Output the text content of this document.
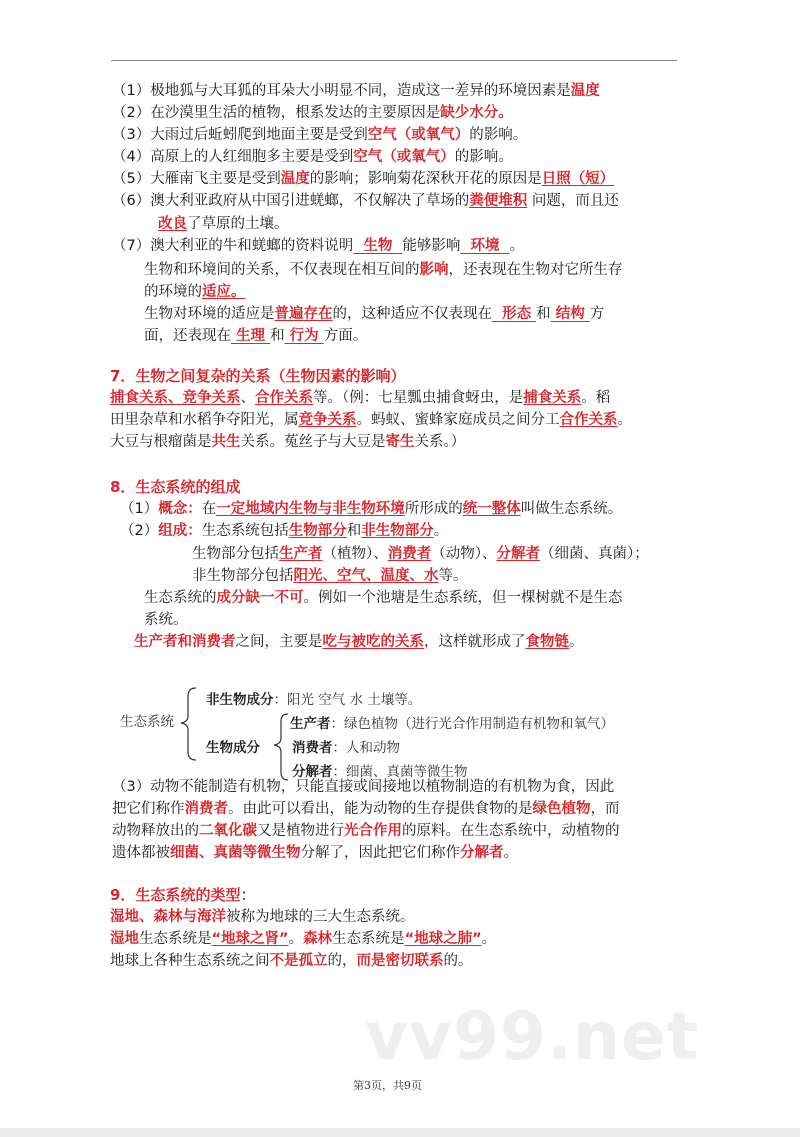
（1）极地狐与大耳狐的耳朵大小明显不同，造成这一差异的环境因素是温度
（2）在沙漠里生活的植物，根系发达的主要原因是缺少水分。
（3）大雨过后蚯蚓爬到地面主要是受到空气（或氧气）的影响。
（4）高原上的人红细胞多主要是受到空气（或氧气）的影响。
（5）大雁南飞主要是受到温度的影响；影响菊花深秋开花的原因是日照（短）
（6）澳大利亚政府从中国引进蜣螂，不仅解决了草场的粪便堆积 问题，而且还
改良了草原的土壤。
（7）澳大利亚的牛和蜣螂的资料说明  生物  能够影响  环境  。
生物和环境间的关系，不仅表现在相互间的影响，还表现在生物对它所生存
的环境的适应。
生物对环境的适应是普遍存在的，这种适应不仅表现在  形态 和 结构 方
面，还表现在 生理 和 行为 方面。
7．生物之间复杂的关系（生物因素的影响）
捕食关系、竞争关系、合作关系等。（例：七星瓢虫捕食蚜虫，是捕食关系。稻
田里杂草和水稻争夺阳光，属竞争关系。蚂蚁、蜜蜂家庭成员之间分工合作关系。
大豆与根瘤菌是共生关系。菟丝子与大豆是寄生关系。）
8．生态系统的组成
（1）概念：在一定地域内生物与非生物环境所形成的统一整体叫做生态系统。
（2）组成：生态系统包括生物部分和非生物部分。
生物部分包括生产者（植物）、消费者（动物）、分解者（细菌、真菌）；
非生物部分包括阳光、空气、温度、水等。
生态系统的成分缺一不可。例如一个池塘是生态系统，但一棵树就不是生态
系统。
生产者和消费者之间，主要是吃与被吃的关系，这样就形成了食物链。
生态系统
非生物成分：阳光 空气 水 土壤等。
生物成分
生产者：绿色植物（进行光合作用制造有机物和氧气）
消费者：人和动物
分解者：细菌、真菌等微生物
（3）动物不能制造有机物，只能直接或间接地以植物制造的有机物为食，因此
把它们称作消费者。由此可以看出，能为动物的生存提供食物的是绿色植物，而
动物释放出的二氧化碳又是植物进行光合作用的原料。在生态系统中，动植物的
遗体都被细菌、真菌等微生物分解了，因此把它们称作分解者。
9．生态系统的类型：
湿地、森林与海洋被称为地球的三大生态系统。
湿地生态系统是“地球之肾”。森林生态系统是“地球之肺”。
地球上各种生态系统之间不是孤立的，而是密切联系的。
vv99.net
第3页，共9页
